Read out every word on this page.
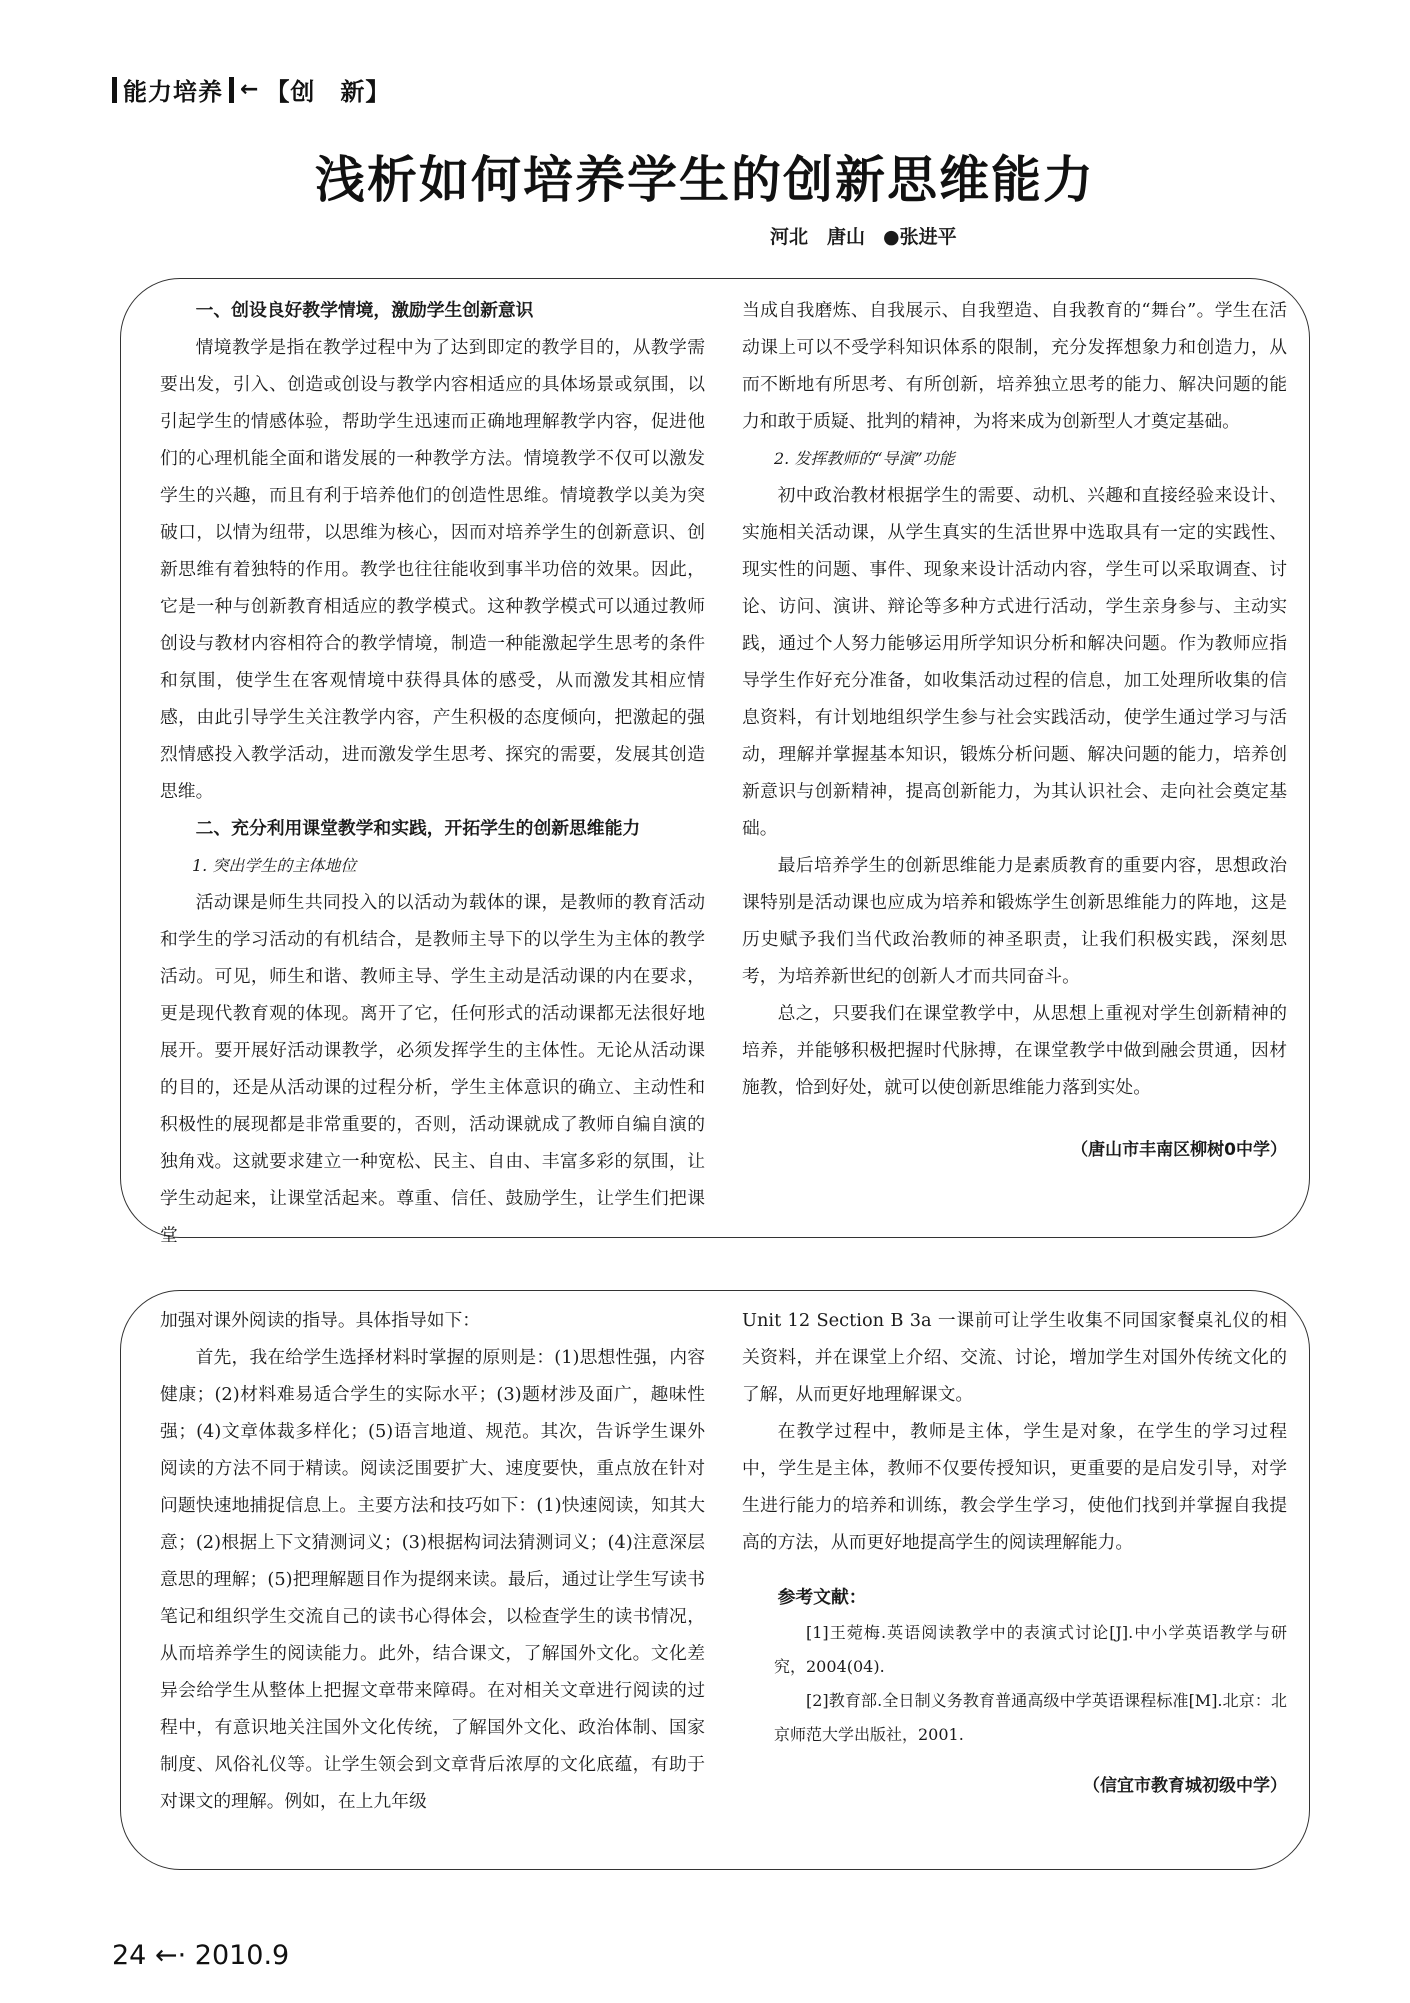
能力培养 ← 【创　新】
浅析如何培养学生的创新思维能力
河北　唐山 ●张进平
一、创设良好教学情境，激励学生创新意识

情境教学是指在教学过程中为了达到即定的教学目的，从教学需要出发，引入、创造或创设与教学内容相适应的具体场景或氛围，以引起学生的情感体验，帮助学生迅速而正确地理解教学内容，促进他们的心理机能全面和谐发展的一种教学方法。情境教学不仅可以激发学生的兴趣，而且有利于培养他们的创造性思维。情境教学以美为突破口，以情为纽带，以思维为核心，因而对培养学生的创新意识、创新思维有着独特的作用。教学也往往能收到事半功倍的效果。因此，它是一种与创新教育相适应的教学模式。这种教学模式可以通过教师创设与教材内容相符合的教学情境，制造一种能激起学生思考的条件和氛围，使学生在客观情境中获得具体的感受，从而激发其相应情感，由此引导学生关注教学内容，产生积极的态度倾向，把激起的强烈情感投入教学活动，进而激发学生思考、探究的需要，发展其创造思维。

二、充分利用课堂教学和实践，开拓学生的创新思维能力

1. 突出学生的主体地位

活动课是师生共同投入的以活动为载体的课，是教师的教育活动和学生的学习活动的有机结合，是教师主导下的以学生为主体的教学活动。可见，师生和谐、教师主导、学生主动是活动课的内在要求，更是现代教育观的体现。离开了它，任何形式的活动课都无法很好地展开。要开展好活动课教学，必须发挥学生的主体性。无论从活动课的目的，还是从活动课的过程分析，学生主体意识的确立、主动性和积极性的展现都是非常重要的，否则，活动课就成了教师自编自演的独角戏。这就要求建立一种宽松、民主、自由、丰富多彩的氛围，让学生动起来，让课堂活起来。尊重、信任、鼓励学生，让学生们把课堂

当成自我磨炼、自我展示、自我塑造、自我教育的“舞台”。学生在活动课上可以不受学科知识体系的限制，充分发挥想象力和创造力，从而不断地有所思考、有所创新，培养独立思考的能力、解决问题的能力和敢于质疑、批判的精神，为将来成为创新型人才奠定基础。

2. 发挥教师的“导演”功能

初中政治教材根据学生的需要、动机、兴趣和直接经验来设计、实施相关活动课，从学生真实的生活世界中选取具有一定的实践性、现实性的问题、事件、现象来设计活动内容，学生可以采取调查、讨论、访问、演讲、辩论等多种方式进行活动，学生亲身参与、主动实践，通过个人努力能够运用所学知识分析和解决问题。作为教师应指导学生作好充分准备，如收集活动过程的信息，加工处理所收集的信息资料，有计划地组织学生参与社会实践活动，使学生通过学习与活动，理解并掌握基本知识，锻炼分析问题、解决问题的能力，培养创新意识与创新精神，提高创新能力，为其认识社会、走向社会奠定基础。

最后培养学生的创新思维能力是素质教育的重要内容，思想政治课特别是活动课也应成为培养和锻炼学生创新思维能力的阵地，这是历史赋予我们当代政治教师的神圣职责，让我们积极实践，深刻思考，为培养新世纪的创新人才而共同奋斗。

总之，只要我们在课堂教学中，从思想上重视对学生创新精神的培养，并能够积极把握时代脉搏，在课堂教学中做到融会贯通，因材施教，恰到好处，就可以使创新思维能力落到实处。

（唐山市丰南区柳树0中学）

加强对课外阅读的指导。具体指导如下：

首先，我在给学生选择材料时掌握的原则是：(1)思想性强，内容健康；(2)材料难易适合学生的实际水平；(3)题材涉及面广，趣味性强；(4)文章体裁多样化；(5)语言地道、规范。其次，告诉学生课外阅读的方法不同于精读。阅读泛围要扩大、速度要快，重点放在针对问题快速地捕捉信息上。主要方法和技巧如下：(1)快速阅读，知其大意；(2)根据上下文猜测词义；(3)根据构词法猜测词义；(4)注意深层意思的理解；(5)把理解题目作为提纲来读。最后，通过让学生写读书笔记和组织学生交流自己的读书心得体会，以检查学生的读书情况，从而培养学生的阅读能力。此外，结合课文，了解国外文化。文化差异会给学生从整体上把握文章带来障碍。在对相关文章进行阅读的过程中，有意识地关注国外文化传统，了解国外文化、政治体制、国家制度、风俗礼仪等。让学生领会到文章背后浓厚的文化底蕴，有助于对课文的理解。例如，在上九年级

Unit 12 Section B 3a 一课前可让学生收集不同国家餐桌礼仪的相关资料，并在课堂上介绍、交流、讨论，增加学生对国外传统文化的了解，从而更好地理解课文。

在教学过程中，教师是主体，学生是对象，在学生的学习过程中，学生是主体，教师不仅要传授知识，更重要的是启发引导，对学生进行能力的培养和训练，教会学生学习，使他们找到并掌握自我提高的方法，从而更好地提高学生的阅读理解能力。

参考文献：

[1]王菀梅.英语阅读教学中的表演式讨论[J].中小学英语教学与研究，2004(04).

[2]教育部.全日制义务教育普通高级中学英语课程标准[M].北京：北京师范大学出版社，2001.

（信宜市教育城初级中学）
24 ←· 2010.9
